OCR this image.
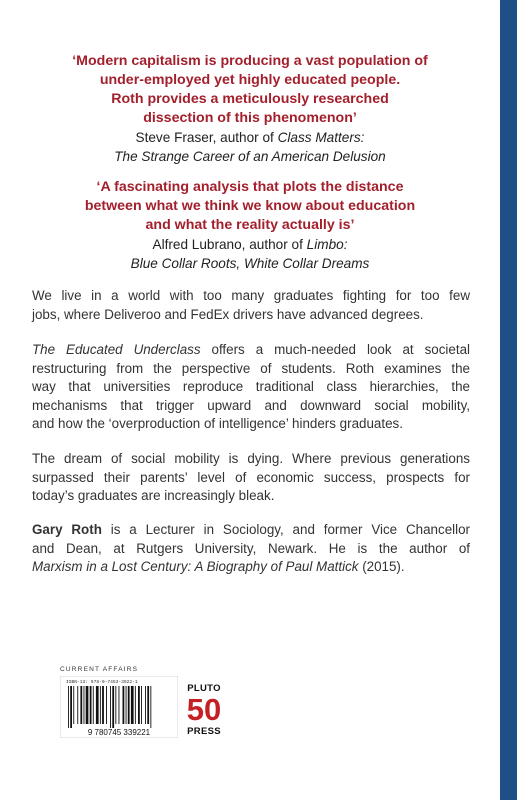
‘Modern capitalism is producing a vast population of
under-employed yet highly educated people.
Roth provides a meticulously researched
dissection of this phenomenon’
Steve Fraser, author of Class Matters:
The Strange Career of an American Delusion
‘A fascinating analysis that plots the distance
between what we think we know about education
and what the reality actually is’
Alfred Lubrano, author of Limbo:
Blue Collar Roots, White Collar Dreams
We live in a world with too many graduates fighting for too few
jobs, where Deliveroo and FedEx drivers have advanced degrees.
The Educated Underclass offers a much-needed look at societal
restructuring from the perspective of students. Roth examines the
way that universities reproduce traditional class hierarchies, the
mechanisms that trigger upward and downward social mobility,
and how the ‘overproduction of intelligence’ hinders graduates.
The dream of social mobility is dying. Where previous generations
surpassed their parents’ level of economic success, prospects for
today’s graduates are increasingly bleak.
Gary Roth is a Lecturer in Sociology, and former Vice Chancellor
and Dean, at Rutgers University, Newark. He is the author of
Marxism in a Lost Century: A Biography of Paul Mattick (2015).
CURRENT AFFAIRS
ISBN-13: 978-0-7453-3922-1
9 780745 339221
PLUTO
50
PRESS
